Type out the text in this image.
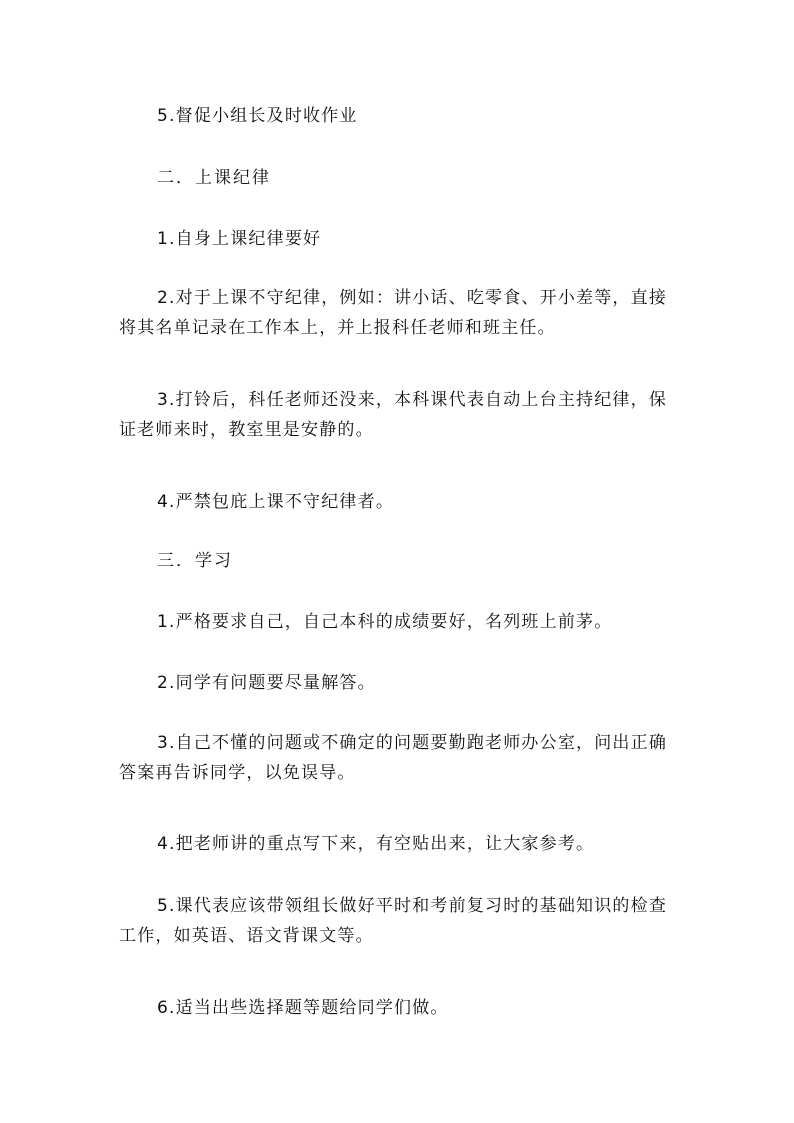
5.督促小组长及时收作业

二．上课纪律

1.自身上课纪律要好

2.对于上课不守纪律，例如：讲小话、吃零食、开小差等，直接将其名单记录在工作本上，并上报科任老师和班主任。

3.打铃后，科任老师还没来，本科课代表自动上台主持纪律，保证老师来时，教室里是安静的。

4.严禁包庇上课不守纪律者。

三．学习

1.严格要求自己，自己本科的成绩要好，名列班上前茅。

2.同学有问题要尽量解答。

3.自己不懂的问题或不确定的问题要勤跑老师办公室，问出正确答案再告诉同学，以免误导。

4.把老师讲的重点写下来，有空贴出来，让大家参考。

5.课代表应该带领组长做好平时和考前复习时的基础知识的检查工作，如英语、语文背课文等。

6.适当出些选择题等题给同学们做。
